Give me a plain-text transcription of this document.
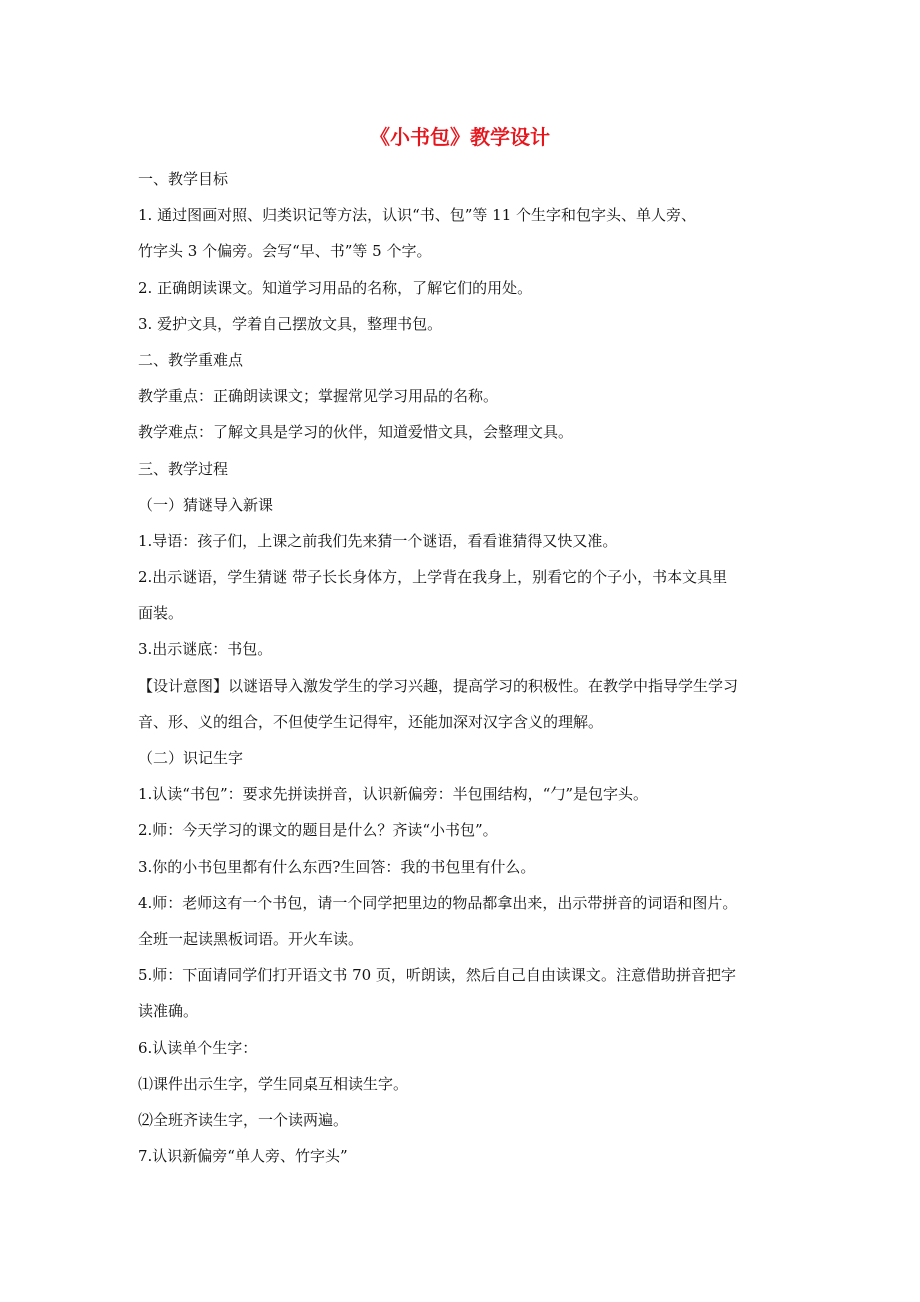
《小书包》教学设计
一、教学目标
1. 通过图画对照、归类识记等方法，认识“书、包”等 11 个生字和包字头、单人旁、
竹字头 3 个偏旁。会写“早、书”等 5 个字。
2. 正确朗读课文。知道学习用品的名称，了解它们的用处。
3. 爱护文具，学着自己摆放文具，整理书包。
二、教学重难点
教学重点：正确朗读课文；掌握常见学习用品的名称。
教学难点：了解文具是学习的伙伴，知道爱惜文具，会整理文具。
三、教学过程
（一）猜谜导入新课
1.导语：孩子们，上课之前我们先来猜一个谜语，看看谁猜得又快又准。
2.出示谜语，学生猜谜 带子长长身体方，上学背在我身上，别看它的个子小，书本文具里
面装。
3.出示谜底：书包。
【设计意图】以谜语导入激发学生的学习兴趣，提高学习的积极性。在教学中指导学生学习
音、形、义的组合，不但使学生记得牢，还能加深对汉字含义的理解。
（二）识记生字
1.认读“书包”：要求先拼读拼音，认识新偏旁：半包围结构，“勹”是包字头。
2.师：今天学习的课文的题目是什么？齐读“小书包”。
3.你的小书包里都有什么东西?生回答：我的书包里有什么。
4.师：老师这有一个书包，请一个同学把里边的物品都拿出来，出示带拼音的词语和图片。
全班一起读黑板词语。开火车读。
5.师：下面请同学们打开语文书 70 页，听朗读，然后自己自由读课文。注意借助拼音把字
读准确。
6.认读单个生字：
⑴课件出示生字，学生同桌互相读生字。
⑵全班齐读生字，一个读两遍。
7.认识新偏旁“单人旁、竹字头”
